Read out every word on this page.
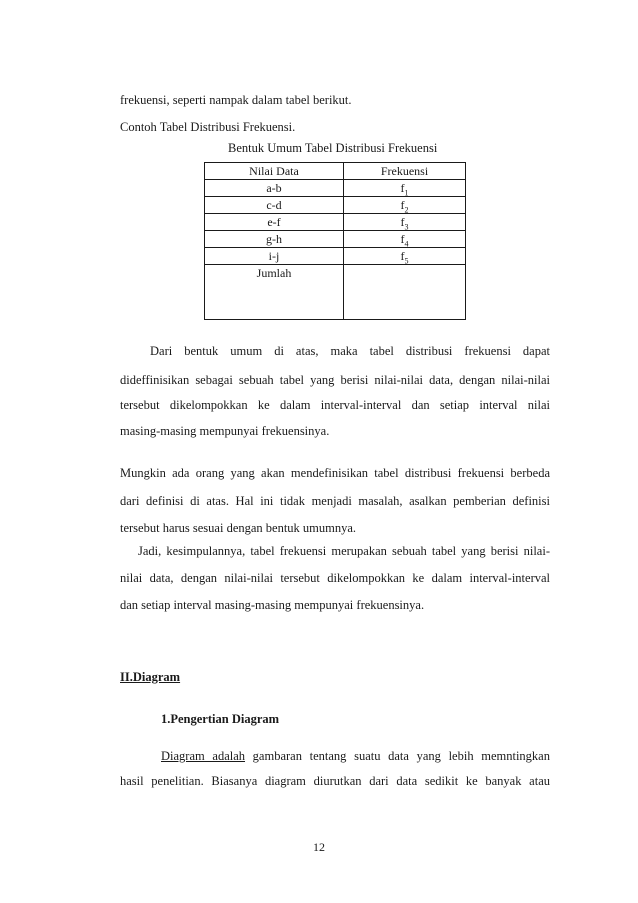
frekuensi, seperti nampak dalam tabel berikut.
Contoh Tabel Distribusi Frekuensi.
Bentuk Umum Tabel Distribusi Frekuensi
Nilai Data	Frekuensi
a-b	$f_1$
c-d	$f_2$
e-f	$f_3$
g-h	$f_4$
i-j	$f_5$
Jumlah	
Dari bentuk umum di atas, maka tabel distribusi frekuensi dapat
dideffinisikan sebagai sebuah tabel yang berisi nilai-nilai data, dengan nilai-nilai
tersebut dikelompokkan ke dalam interval-interval dan setiap interval nilai
masing-masing mempunyai frekuensinya.
Mungkin ada orang yang akan mendefinisikan tabel distribusi frekuensi berbeda
dari definisi di atas. Hal ini tidak menjadi masalah, asalkan pemberian definisi
tersebut harus sesuai dengan bentuk umumnya.
Jadi, kesimpulannya, tabel frekuensi merupakan sebuah tabel yang berisi nilai-
nilai data, dengan nilai-nilai tersebut dikelompokkan ke dalam interval-interval
dan setiap interval masing-masing mempunyai frekuensinya.
II.Diagram
1.Pengertian Diagram
Diagram adalah gambaran tentang suatu data yang lebih memntingkan
hasil penelitian. Biasanya diagram diurutkan dari data sedikit ke banyak atau
12
